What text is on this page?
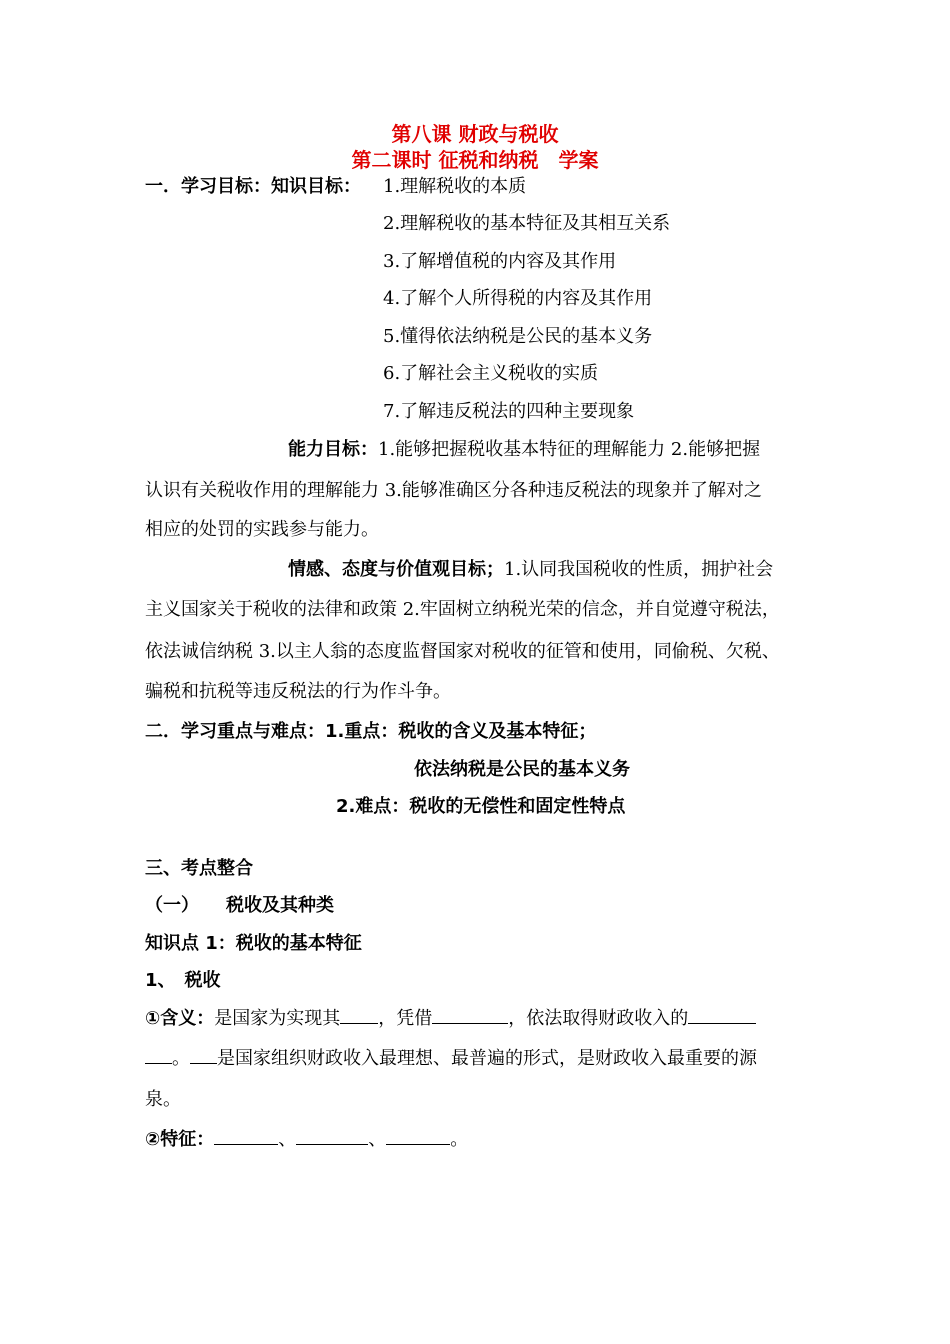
第八课 财政与税收
第二课时 征税和纳税　学案
一．学习目标：知识目标： 1.理解税收的本质
2.理解税收的基本特征及其相互关系
3.了解增值税的内容及其作用
4.了解个人所得税的内容及其作用
5.懂得依法纳税是公民的基本义务
6.了解社会主义税收的实质
7.了解违反税法的四种主要现象
能力目标：1.能够把握税收基本特征的理解能力 2.能够把握
认识有关税收作用的理解能力 3.能够准确区分各种违反税法的现象并了解对之
相应的处罚的实践参与能力。
情感、态度与价值观目标；1.认同我国税收的性质，拥护社会
主义国家关于税收的法律和政策 2.牢固树立纳税光荣的信念，并自觉遵守税法，
依法诚信纳税 3.以主人翁的态度监督国家对税收的征管和使用，同偷税、欠税、
骗税和抗税等违反税法的行为作斗争。
二．学习重点与难点：1.重点：税收的含义及基本特征；
依法纳税是公民的基本义务
2.难点：税收的无偿性和固定性特点
三、考点整合
（一）　　税收及其种类
知识点 1：税收的基本特征
1、　税收
①含义：是国家为实现其 ，凭借	，依法取得财政收入的
。 是国家组织财政收入最理想、最普遍的形式，是财政收入最重要的源
泉。
②特征：	、	、	。
